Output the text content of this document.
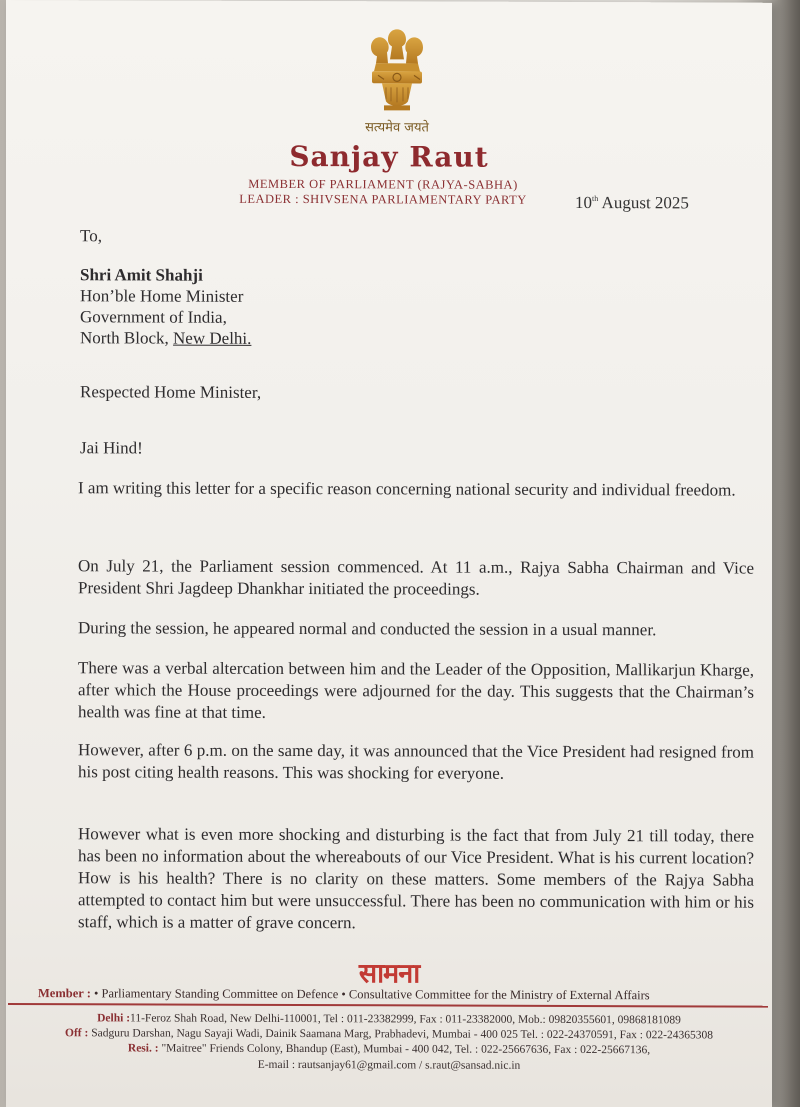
सत्यमेव जयते
Sanjay Raut
MEMBER OF PARLIAMENT (RAJYA-SABHA)
LEADER : SHIVSENA PARLIAMENTARY PARTY	10th August 2025
To,
Shri Amit Shahji
Hon’ble Home Minister
Government of India,
North Block, New Delhi.
Respected Home Minister,
Jai Hind!
I am writing this letter for a specific reason concerning national security and individual freedom.
On July 21, the Parliament session commenced. At 11 a.m., Rajya Sabha Chairman and Vice President Shri Jagdeep Dhankhar initiated the proceedings.
During the session, he appeared normal and conducted the session in a usual manner.
There was a verbal altercation between him and the Leader of the Opposition, Mallikarjun Kharge, after which the House proceedings were adjourned for the day. This suggests that the Chairman’s health was fine at that time.
However, after 6 p.m. on the same day, it was announced that the Vice President had resigned from his post citing health reasons. This was shocking for everyone.
However what is even more shocking and disturbing is the fact that from July 21 till today, there has been no information about the whereabouts of our Vice President. What is his current location? How is his health? There is no clarity on these matters. Some members of the Rajya Sabha attempted to contact him but were unsuccessful. There has been no communication with him or his staff, which is a matter of grave concern.
सामना
Member : • Parliamentary Standing Committee on Defence • Consultative Committee for the Ministry of External Affairs
Delhi :11-Feroz Shah Road, New Delhi-110001, Tel : 011-23382999, Fax : 011-23382000, Mob.: 09820355601, 09868181089
Off : Sadguru Darshan, Nagu Sayaji Wadi, Dainik Saamana Marg, Prabhadevi, Mumbai - 400 025 Tel. : 022-24370591, Fax : 022-24365308
Resi. : "Maitree" Friends Colony, Bhandup (East), Mumbai - 400 042, Tel. : 022-25667636, Fax : 022-25667136,
E-mail : rautsanjay61@gmail.com / s.raut@sansad.nic.in
